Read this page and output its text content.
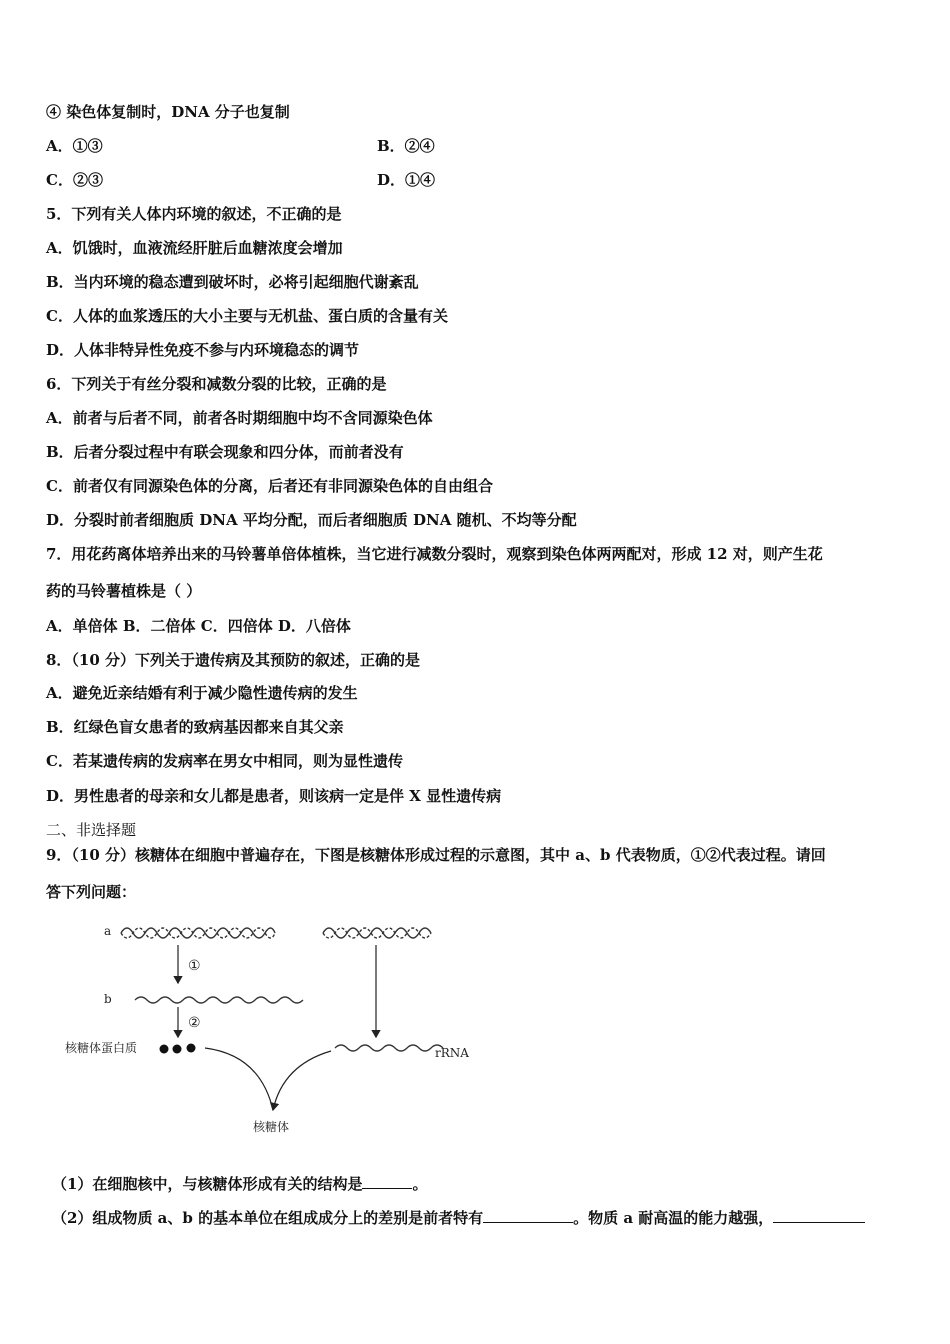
④ 染色体复制时，DNA 分子也复制
A．①③	B．②④
C．②③	D．①④
5．下列有关人体内环境的叙述，不正确的是
A．饥饿时，血液流经肝脏后血糖浓度会增加
B．当内环境的稳态遭到破坏时，必将引起细胞代谢紊乱
C．人体的血浆透压的大小主要与无机盐、蛋白质的含量有关
D．人体非特异性免疫不参与内环境稳态的调节
6．下列关于有丝分裂和减数分裂的比较，正确的是
A．前者与后者不同，前者各时期细胞中均不含同源染色体
B．后者分裂过程中有联会现象和四分体，而前者没有
C．前者仅有同源染色体的分离，后者还有非同源染色体的自由组合
D．分裂时前者细胞质 DNA 平均分配，而后者细胞质 DNA 随机、不均等分配
7．用花药离体培养出来的马铃薯单倍体植株，当它进行减数分裂时，观察到染色体两两配对，形成 12 对，则产生花
药的马铃薯植株是（ ）
A．单倍体 B．二倍体 C．四倍体 D．八倍体
8．（10 分）下列关于遗传病及其预防的叙述，正确的是
A．避免近亲结婚有利于减少隐性遗传病的发生
B．红绿色盲女患者的致病基因都来自其父亲
C．若某遗传病的发病率在男女中相同，则为显性遗传
D．男性患者的母亲和女儿都是患者，则该病一定是伴 X 显性遗传病
二、非选择题
9．（10 分）核糖体在细胞中普遍存在，下图是核糖体形成过程的示意图，其中 a、b 代表物质，①②代表过程。请回
答下列问题：
a
①
b
②
核糖体蛋白质	rRNA
核糖体
（1）在细胞核中，与核糖体形成有关的结构是	。
（2）组成物质 a、b 的基本单位在组成成分上的差别是前者特有	。物质 a 耐高温的能力越强，
